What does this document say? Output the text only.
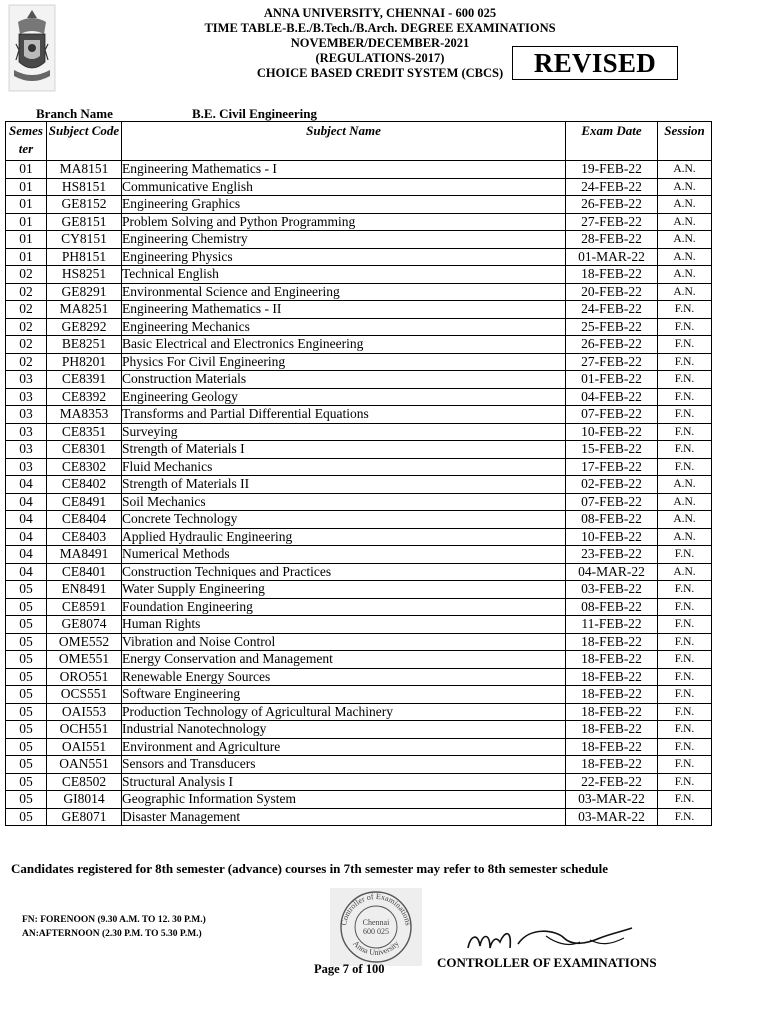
ANNA UNIVERSITY, CHENNAI - 600 025
TIME TABLE-B.E./B.Tech./B.Arch. DEGREE EXAMINATIONS
NOVEMBER/DECEMBER-2021
(REGULATIONS-2017)
CHOICE BASED CREDIT SYSTEM (CBCS)	REVISED
Branch Name	B.E. Civil Engineering
Semes ter	Subject Code	Subject Name	Exam Date	Session
01	MA8151	Engineering Mathematics - I	19-FEB-22	A.N.
01	HS8151	Communicative English	24-FEB-22	A.N.
01	GE8152	Engineering Graphics	26-FEB-22	A.N.
01	GE8151	Problem Solving and Python Programming	27-FEB-22	A.N.
01	CY8151	Engineering Chemistry	28-FEB-22	A.N.
01	PH8151	Engineering Physics	01-MAR-22	A.N.
02	HS8251	Technical English	18-FEB-22	A.N.
02	GE8291	Environmental Science and Engineering	20-FEB-22	A.N.
02	MA8251	Engineering Mathematics - II	24-FEB-22	F.N.
02	GE8292	Engineering Mechanics	25-FEB-22	F.N.
02	BE8251	Basic Electrical and Electronics Engineering	26-FEB-22	F.N.
02	PH8201	Physics For Civil Engineering	27-FEB-22	F.N.
03	CE8391	Construction Materials	01-FEB-22	F.N.
03	CE8392	Engineering Geology	04-FEB-22	F.N.
03	MA8353	Transforms and Partial Differential Equations	07-FEB-22	F.N.
03	CE8351	Surveying	10-FEB-22	F.N.
03	CE8301	Strength of Materials I	15-FEB-22	F.N.
03	CE8302	Fluid Mechanics	17-FEB-22	F.N.
04	CE8402	Strength of Materials II	02-FEB-22	A.N.
04	CE8491	Soil Mechanics	07-FEB-22	A.N.
04	CE8404	Concrete Technology	08-FEB-22	A.N.
04	CE8403	Applied Hydraulic Engineering	10-FEB-22	A.N.
04	MA8491	Numerical Methods	23-FEB-22	F.N.
04	CE8401	Construction Techniques and Practices	04-MAR-22	A.N.
05	EN8491	Water Supply Engineering	03-FEB-22	F.N.
05	CE8591	Foundation Engineering	08-FEB-22	F.N.
05	GE8074	Human Rights	11-FEB-22	F.N.
05	OME552	Vibration and Noise Control	18-FEB-22	F.N.
05	OME551	Energy Conservation and Management	18-FEB-22	F.N.
05	ORO551	Renewable Energy Sources	18-FEB-22	F.N.
05	OCS551	Software Engineering	18-FEB-22	F.N.
05	OAI553	Production Technology of Agricultural Machinery	18-FEB-22	F.N.
05	OCH551	Industrial Nanotechnology	18-FEB-22	F.N.
05	OAI551	Environment and Agriculture	18-FEB-22	F.N.
05	OAN551	Sensors and Transducers	18-FEB-22	F.N.
05	CE8502	Structural Analysis I	22-FEB-22	F.N.
05	GI8014	Geographic Information System	03-MAR-22	F.N.
05	GE8071	Disaster Management	03-MAR-22	F.N.
Candidates registered for 8th semester (advance) courses in 7th semester may refer to 8th semester schedule
FN: FORENOON (9.30 A.M. TO 12. 30 P.M.)
AN:AFTERNOON (2.30 P.M. TO 5.30 P.M.)
Controller of Examinations
Anna University
Chennai
600 025
Page 7 of 100	CONTROLLER OF EXAMINATIONS
